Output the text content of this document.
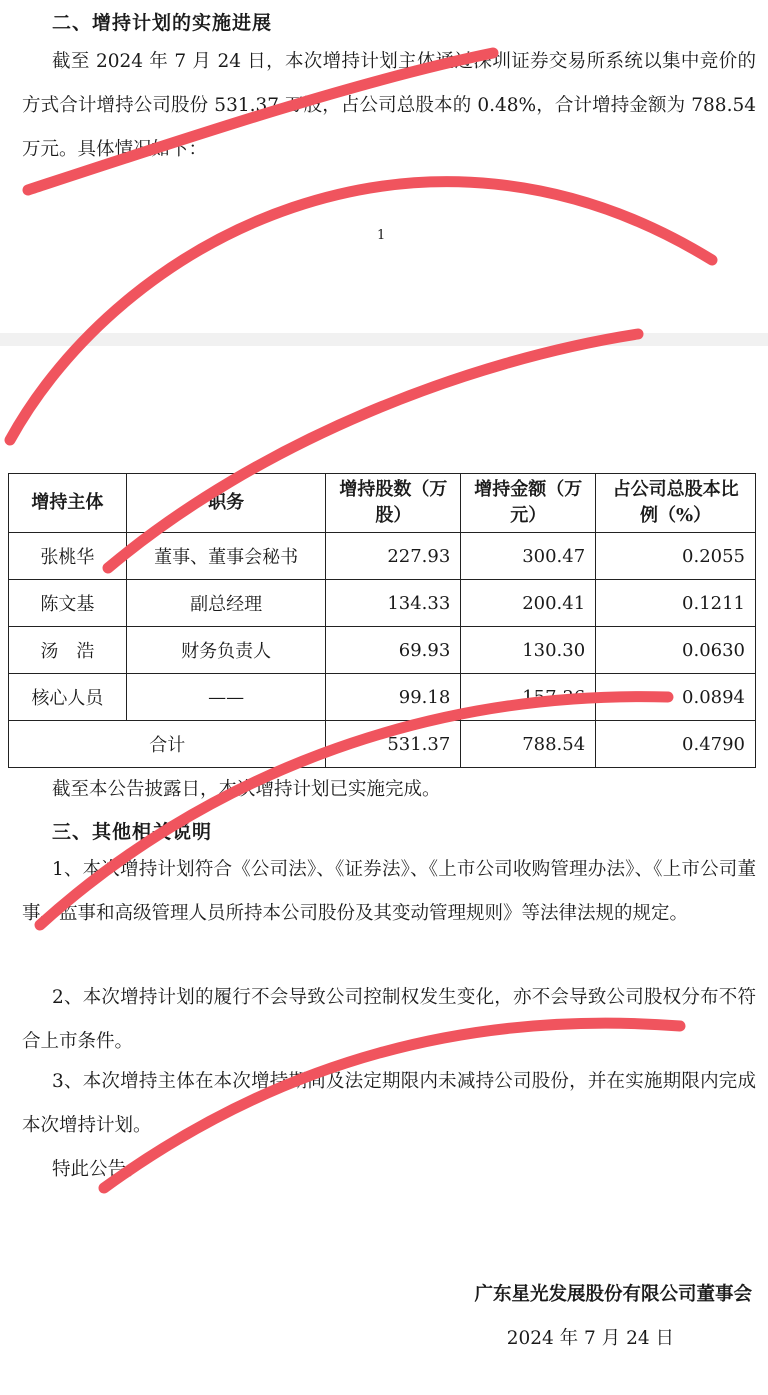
二、增持计划的实施进展
截至 2024 年 7 月 24 日，本次增持计划主体通过深圳证券交易所系统以集中竞价的方式合计增持公司股份 531.37 万股，占公司总股本的 0.48%，合计增持金额为 788.54 万元。具体情况如下：
1
增持主体	职务	增持股数（万股）	增持金额（万元）	占公司总股本比例（%）
张桃华	董事、董事会秘书	227.93	300.47	0.2055
陈文基	副总经理	134.33	200.41	0.1211
汤　浩	财务负责人	69.93	130.30	0.0630
核心人员	——	99.18	157.36	0.0894
合计		531.37	788.54	0.4790
截至本公告披露日，本次增持计划已实施完成。
三、其他相关说明
1、本次增持计划符合《公司法》、《证券法》、《上市公司收购管理办法》、《上市公司董事、监事和高级管理人员所持本公司股份及其变动管理规则》等法律法规的规定。
2、本次增持计划的履行不会导致公司控制权发生变化，亦不会导致公司股权分布不符合上市条件。
3、本次增持主体在本次增持期间及法定期限内未减持公司股份，并在实施期限内完成本次增持计划。
特此公告。
广东星光发展股份有限公司董事会
2024 年 7 月 24 日
